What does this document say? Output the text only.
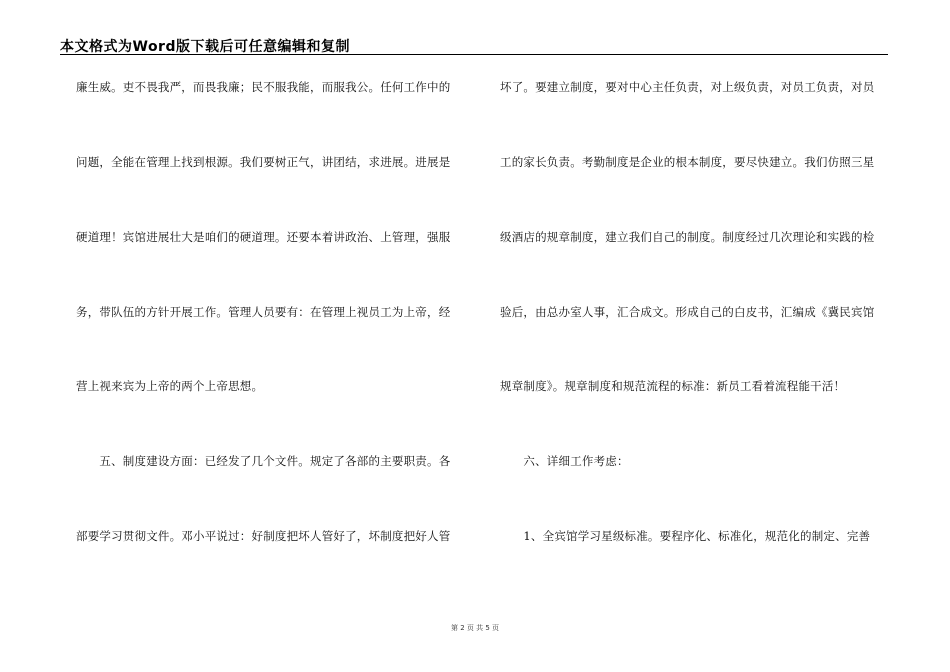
本文格式为Word版下载后可任意编辑和复制
廉生威。吏不畏我严，而畏我廉；民不服我能，而服我公。任何工作中的
问题，全能在管理上找到根源。我们要树正气，讲团结，求进展。进展是
硬道理！宾馆进展壮大是咱们的硬道理。还要本着讲政治、上管理，强服
务，带队伍的方针开展工作。管理人员要有：在管理上视员工为上帝，经
营上视来宾为上帝的两个上帝思想。
　　五、制度建设方面：已经发了几个文件。规定了各部的主要职责。各
部要学习贯彻文件。邓小平说过：好制度把坏人管好了，坏制度把好人管
坏了。要建立制度，要对中心主任负责，对上级负责，对员工负责，对员
工的家长负责。考勤制度是企业的根本制度，要尽快建立。我们仿照三星
级酒店的规章制度，建立我们自己的制度。制度经过几次理论和实践的检
验后，由总办室人事，汇合成文。形成自己的白皮书，汇编成《冀民宾馆
规章制度》。规章制度和规范流程的标准：新员工看着流程能干活！
　　六、详细工作考虑：
　　1、全宾馆学习星级标准。要程序化、标准化，规范化的制定、完善
第 2 页 共 5 页
